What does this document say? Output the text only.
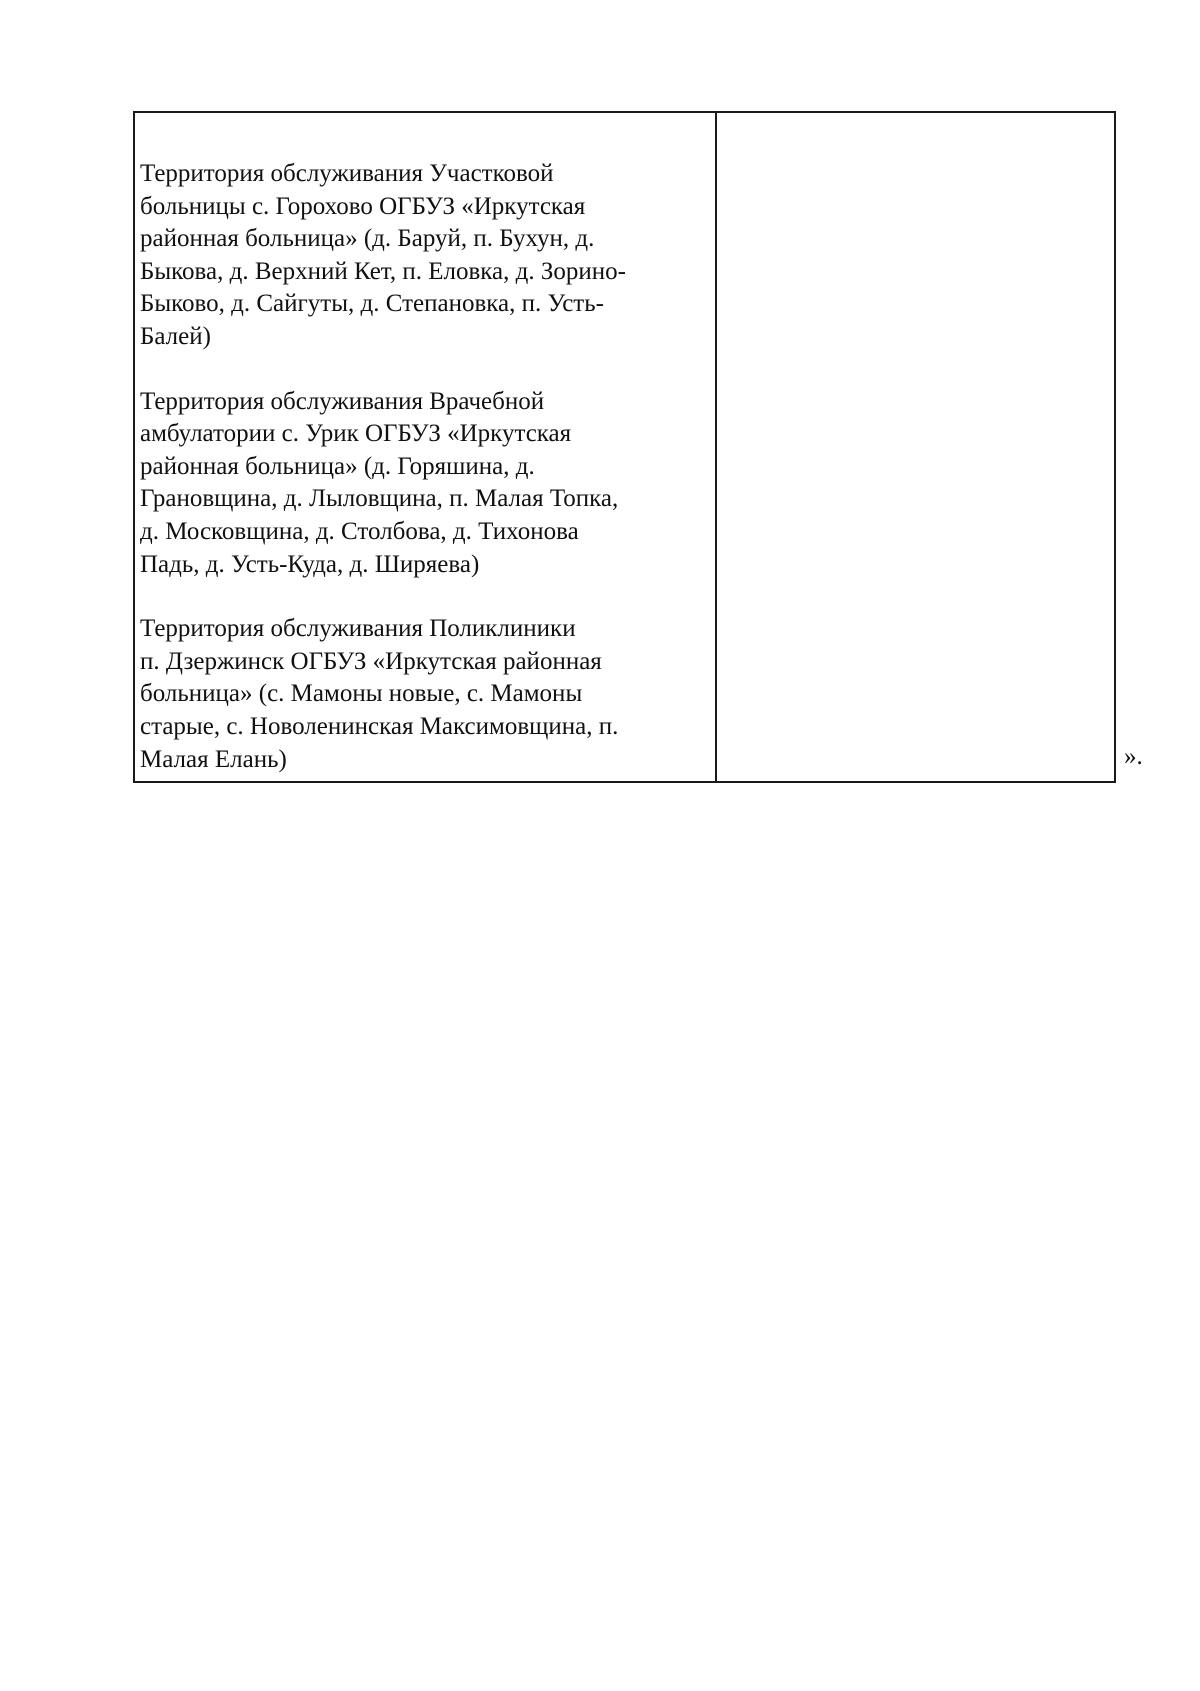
Территория обслуживания Участковой
больницы с. Горохово ОГБУЗ «Иркутская
районная больница» (д. Баруй, п. Бухун, д.
Быкова, д. Верхний Кет, п. Еловка, д. Зорино-
Быково, д. Сайгуты, д. Степановка, п. Усть-
Балей)

Территория обслуживания Врачебной
амбулатории с. Урик ОГБУЗ «Иркутская
районная больница» (д. Горяшина, д.
Грановщина, д. Лыловщина, п. Малая Топка,
д. Московщина, д. Столбова, д. Тихонова
Падь, д. Усть-Куда, д. Ширяева)

Территория обслуживания Поликлиники
п. Дзержинск ОГБУЗ «Иркутская районная
больница» (с. Мамоны новые, с. Мамоны
старые, с. Новоленинская Максимовщина, п.
Малая Елань)	».
